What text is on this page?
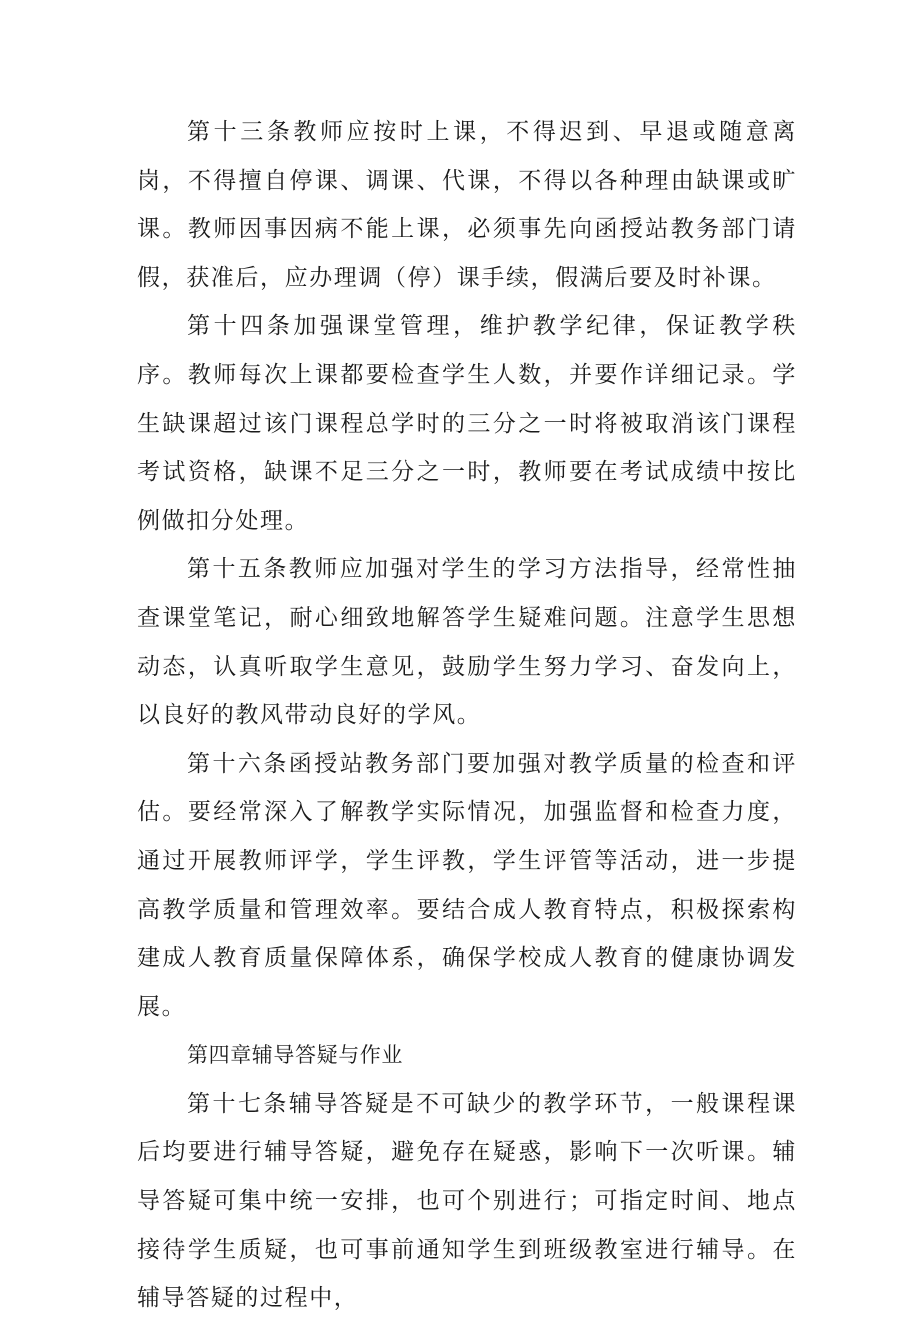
第十三条教师应按时上课，不得迟到、早退或随意离岗，不得擅自停课、调课、代课，不得以各种理由缺课或旷课。教师因事因病不能上课，必须事先向函授站教务部门请假，获准后，应办理调（停）课手续，假满后要及时补课。

第十四条加强课堂管理，维护教学纪律，保证教学秩序。教师每次上课都要检查学生人数，并要作详细记录。学生缺课超过该门课程总学时的三分之一时将被取消该门课程考试资格，缺课不足三分之一时，教师要在考试成绩中按比例做扣分处理。

第十五条教师应加强对学生的学习方法指导，经常性抽查课堂笔记，耐心细致地解答学生疑难问题。注意学生思想动态，认真听取学生意见，鼓励学生努力学习、奋发向上，以良好的教风带动良好的学风。

第十六条函授站教务部门要加强对教学质量的检查和评估。要经常深入了解教学实际情况，加强监督和检查力度，通过开展教师评学，学生评教，学生评管等活动，进一步提高教学质量和管理效率。要结合成人教育特点，积极探索构建成人教育质量保障体系，确保学校成人教育的健康协调发展。

第四章辅导答疑与作业

第十七条辅导答疑是不可缺少的教学环节，一般课程课后均要进行辅导答疑，避免存在疑惑，影响下一次听课。辅导答疑可集中统一安排，也可个别进行；可指定时间、地点接待学生质疑，也可事前通知学生到班级教室进行辅导。在辅导答疑的过程中，
